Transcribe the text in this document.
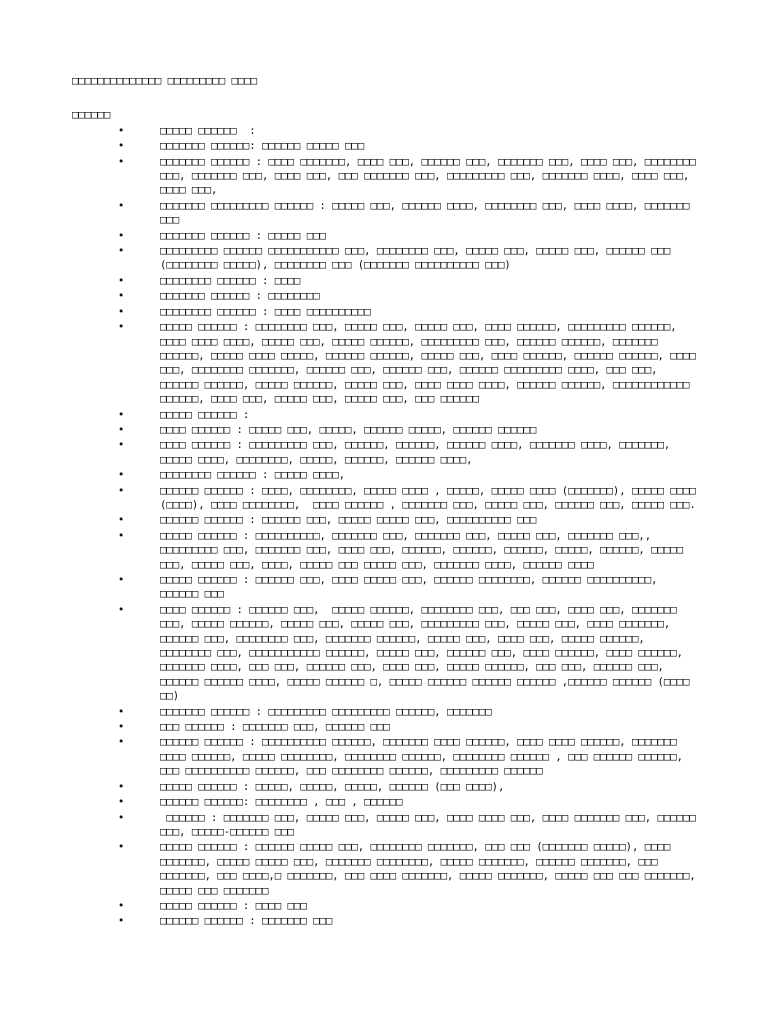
□□□□□□□□□□□□□□ □□□□□□□□□ □□□□
□□□□□□
•	□□□□□ □□□□□□  :
•	□□□□□□□ □□□□□□: □□□□□□ □□□□□ □□□
•	□□□□□□□ □□□□□□ : □□□□ □□□□□□□, □□□□ □□□, □□□□□□ □□□, □□□□□□□ □□□, □□□□ □□□, □□□□□□□□ □□□, □□□□□□□ □□□, □□□□ □□□, □□□ □□□□□□□ □□□, □□□□□□□□□ □□□, □□□□□□□ □□□□, □□□□ □□□, □□□□ □□□,
•	□□□□□□□ □□□□□□□□□ □□□□□□ : □□□□□ □□□, □□□□□□ □□□□, □□□□□□□□ □□□, □□□□ □□□□, □□□□□□□ □□□
•	□□□□□□□ □□□□□□ : □□□□□ □□□
•	□□□□□□□□□ □□□□□□ □□□□□□□□□□□ □□□, □□□□□□□□ □□□, □□□□□ □□□, □□□□□ □□□, □□□□□□ □□□ (□□□□□□□□ □□□□□), □□□□□□□□ □□□ (□□□□□□□ □□□□□□□□□□ □□□)
•	□□□□□□□□ □□□□□□ : □□□□
•	□□□□□□□ □□□□□□ : □□□□□□□□
•	□□□□□□□□ □□□□□□ : □□□□ □□□□□□□□□□
•	□□□□□ □□□□□□ : □□□□□□□□ □□□, □□□□□ □□□, □□□□□ □□□, □□□□ □□□□□□, □□□□□□□□□ □□□□□□, □□□□ □□□□ □□□□, □□□□□ □□□, □□□□□ □□□□□□, □□□□□□□□□ □□□, □□□□□□ □□□□□□, □□□□□□□ □□□□□□, □□□□□ □□□□ □□□□□, □□□□□□ □□□□□□, □□□□□ □□□, □□□□ □□□□□□, □□□□□□ □□□□□□, □□□□ □□□, □□□□□□□□ □□□□□□□, □□□□□□ □□□, □□□□□□ □□□, □□□□□□ □□□□□□□□□ □□□□, □□□ □□□, □□□□□□ □□□□□□, □□□□□ □□□□□□, □□□□□ □□□, □□□□ □□□□ □□□□, □□□□□□ □□□□□□, □□□□□□□□□□□□ □□□□□□, □□□□ □□□, □□□□□ □□□, □□□□□ □□□, □□□ □□□□□□
•	□□□□□ □□□□□□ :
•	□□□□ □□□□□□ : □□□□□ □□□, □□□□□, □□□□□□ □□□□□, □□□□□□ □□□□□□
•	□□□□ □□□□□□ : □□□□□□□□□ □□□, □□□□□□, □□□□□□, □□□□□□ □□□□, □□□□□□□ □□□□, □□□□□□□, □□□□□ □□□□, □□□□□□□□, □□□□□, □□□□□□, □□□□□□ □□□□,
•	□□□□□□□□ □□□□□□ : □□□□□ □□□□,
•	□□□□□□ □□□□□□ : □□□□, □□□□□□□□, □□□□□ □□□□ , □□□□□, □□□□□ □□□□ (□□□□□□□), □□□□□ □□□□ (□□□□), □□□□ □□□□□□□□,  □□□□ □□□□□□ , □□□□□□□ □□□, □□□□□ □□□, □□□□□□ □□□, □□□□□ □□□.
•	□□□□□□ □□□□□□ : □□□□□□ □□□, □□□□□ □□□□□ □□□, □□□□□□□□□□ □□□
•	□□□□□ □□□□□□ : □□□□□□□□□□, □□□□□□□ □□□, □□□□□□□ □□□, □□□□□ □□□, □□□□□□□ □□□,, □□□□□□□□□ □□□, □□□□□□□ □□□, □□□□ □□□, □□□□□□, □□□□□□, □□□□□□, □□□□□, □□□□□□, □□□□□ □□□, □□□□□ □□□, □□□□, □□□□□ □□□ □□□□□ □□□, □□□□□□□ □□□□, □□□□□□ □□□□
•	□□□□□ □□□□□□ : □□□□□□ □□□, □□□□ □□□□□ □□□, □□□□□□ □□□□□□□□, □□□□□□ □□□□□□□□□□, □□□□□□ □□□
•	□□□□ □□□□□□ : □□□□□□ □□□,  □□□□□ □□□□□□, □□□□□□□□ □□□, □□□ □□□, □□□□ □□□, □□□□□□□ □□□, □□□□□ □□□□□□, □□□□□ □□□, □□□□□ □□□, □□□□□□□□□ □□□, □□□□□ □□□, □□□□ □□□□□□□, □□□□□□ □□□, □□□□□□□□ □□□, □□□□□□□ □□□□□□, □□□□□ □□□, □□□□ □□□, □□□□□ □□□□□□, □□□□□□□□ □□□, □□□□□□□□□□□ □□□□□□, □□□□□ □□□, □□□□□□ □□□, □□□□ □□□□□□, □□□□ □□□□□□, □□□□□□□ □□□□, □□□ □□□, □□□□□□ □□□, □□□□ □□□, □□□□□ □□□□□□, □□□ □□□, □□□□□□ □□□, □□□□□□ □□□□□□ □□□□, □□□□□ □□□□□□ □, □□□□□ □□□□□□ □□□□□□ □□□□□□ ,□□□□□□ □□□□□□ (□□□□ □□)
•	□□□□□□□ □□□□□□ : □□□□□□□□□ □□□□□□□□□ □□□□□□, □□□□□□□
•	□□□ □□□□□□ : □□□□□□□ □□□, □□□□□□ □□□
•	□□□□□□ □□□□□□ : □□□□□□□□□□ □□□□□□, □□□□□□□ □□□□ □□□□□□, □□□□ □□□□ □□□□□□, □□□□□□□ □□□□ □□□□□□, □□□□□ □□□□□□□□, □□□□□□□□ □□□□□□, □□□□□□□□ □□□□□□ , □□□ □□□□□□ □□□□□□, □□□ □□□□□□□□□□ □□□□□□, □□□ □□□□□□□□ □□□□□□, □□□□□□□□□ □□□□□□
•	□□□□□ □□□□□□ : □□□□□, □□□□□, □□□□□, □□□□□□ (□□□ □□□□),
•	□□□□□□ □□□□□□: □□□□□□□□ , □□□ , □□□□□□
•	□□□□□□ : □□□□□□□ □□□, □□□□□ □□□, □□□□□ □□□, □□□□ □□□□ □□□, □□□□ □□□□□□□ □□□, □□□□□□ □□□, □□□□□-□□□□□□ □□□
•	□□□□□ □□□□□□ : □□□□□□ □□□□□ □□□, □□□□□□□□ □□□□□□□, □□□ □□□ (□□□□□□□ □□□□□), □□□□ □□□□□□□, □□□□□ □□□□□ □□□, □□□□□□□ □□□□□□□□, □□□□□ □□□□□□□, □□□□□□ □□□□□□□, □□□ □□□□□□□, □□□ □□□□,□ □□□□□□□, □□□ □□□□ □□□□□□□, □□□□□ □□□□□□□, □□□□□ □□□ □□□ □□□□□□□, □□□□□ □□□ □□□□□□□
•	□□□□□ □□□□□□ : □□□□ □□□
•	□□□□□□ □□□□□□ : □□□□□□□ □□□
